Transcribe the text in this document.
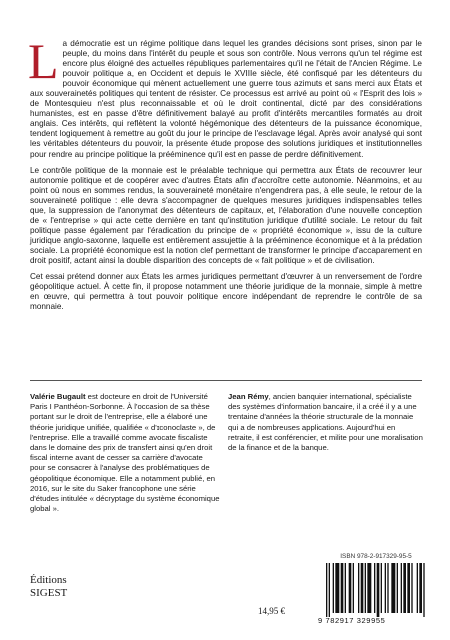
La démocratie est un régime politique dans lequel les grandes décisions sont prises, sinon par le peuple, du moins dans l'intérêt du peuple et sous son contrôle. Nous verrons qu'un tel régime est encore plus éloigné des actuelles républiques parlementaires qu'il ne l'était de l'Ancien Régime. Le pouvoir politique a, en Occident et depuis le XVIIIe siècle, été confisqué par les détenteurs du pouvoir économique qui mènent actuellement une guerre tous azimuts et sans merci aux États et aux souverainetés politiques qui tentent de résister. Ce processus est arrivé au point où « l'Esprit des lois » de Montesquieu n'est plus reconnaissable et où le droit continental, dicté par des considérations humanistes, est en passe d'être définitivement balayé au profit d'intérêts mercantiles formatés au droit anglais. Ces intérêts, qui reflètent la volonté hégémonique des détenteurs de la puissance économique, tendent logiquement à remettre au goût du jour le principe de l'esclavage légal. Après avoir analysé qui sont les véritables détenteurs du pouvoir, la présente étude propose des solutions juridiques et institutionnelles pour rendre au principe politique la prééminence qu'il est en passe de perdre définitivement.

Le contrôle politique de la monnaie est le préalable technique qui permettra aux États de recouvrer leur autonomie politique et de coopérer avec d'autres États afin d'accroître cette autonomie. Néanmoins, et au point où nous en sommes rendus, la souveraineté monétaire n'engendrera pas, à elle seule, le retour de la souveraineté politique : elle devra s'accompagner de quelques mesures juridiques indispensables telles que, la suppression de l'anonymat des détenteurs de capitaux, et, l'élaboration d'une nouvelle conception de « l'entreprise » qui acte cette dernière en tant qu'institution juridique d'utilité sociale. Le retour du fait politique passe également par l'éradication du principe de « propriété économique », issu de la culture juridique anglo-saxonne, laquelle est entièrement assujettie à la prééminence économique et à la prédation sociale. La propriété économique est la notion clef permettant de transformer le principe d'accaparement en droit positif, actant ainsi la double disparition des concepts de « fait politique » et de civilisation.

Cet essai prétend donner aux États les armes juridiques permettant d'œuvrer à un renversement de l'ordre géopolitique actuel. À cette fin, il propose notamment une théorie juridique de la monnaie, simple à mettre en œuvre, qui permettra à tout pouvoir politique encore indépendant de reprendre le contrôle de sa monnaie.

Valérie Bugault est docteure en droit de l'Université Paris I Panthéon-Sorbonne. À l'occasion de sa thèse portant sur le droit de l'entreprise, elle a élaboré une théorie juridique unifiée, qualifiée « d'ɪconoclaste », de l'entreprise. Elle a travaillé comme avocate fiscaliste dans le domaine des prix de transfert ainsi qu'en droit fiscal interne avant de cesser sa carrière d'avocate pour se consacrer à l'analyse des problématiques de géopolitique économique. Elle a notamment publié, en 2016, sur le site du Saker francophone une série d'études intitulée « décryptage du système économique global ».
Jean Rémy, ancien banquier international, spécialiste des systèmes d'information bancaire, il a créé il y a une trentaine d'années la théorie structurale de la monnaie qui a de nombreuses applications. Aujourd'hui en retraite, il est conférencier, et milite pour une moralisation de la finance et de la banque.
Éditions
SIGEST
14,95 €
ISBN 978-2-917329-95-5
9 782917 329955
